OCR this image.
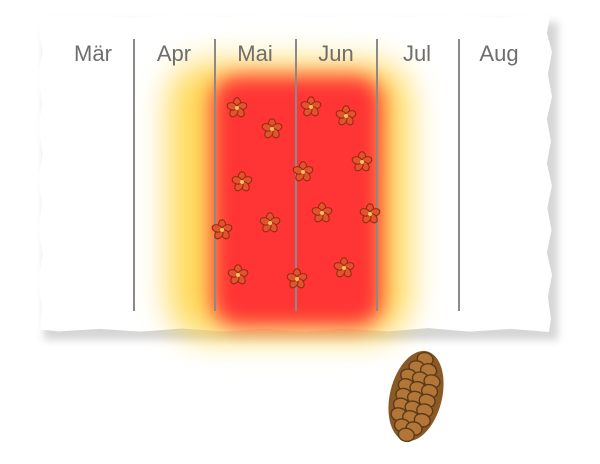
Mär	Apr	Mai	Jun	Jul	Aug
